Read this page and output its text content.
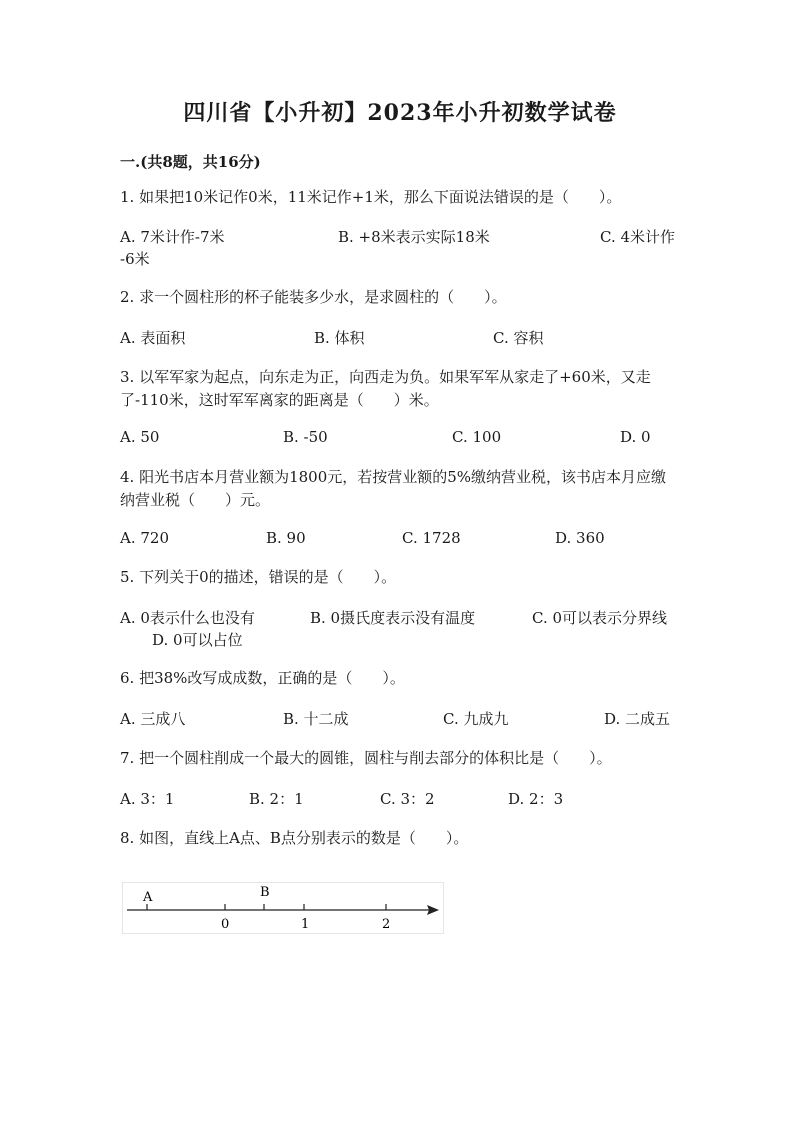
四川省【小升初】2023年小升初数学试卷
一.(共8题，共16分)
1. 如果把10米记作0米，11米记作+1米，那么下面说法错误的是（　　）。
A. 7米计作-7米	B. +8米表示实际18米	C. 4米计作
-6米
2. 求一个圆柱形的杯子能装多少水，是求圆柱的（　　）。
A. 表面积	B. 体积	C. 容积
3. 以军军家为起点，向东走为正，向西走为负。如果军军从家走了+60米，又走了-110米，这时军军离家的距离是（　　）米。
A. 50	B. -50	C. 100	D. 0
4. 阳光书店本月营业额为1800元，若按营业额的5%缴纳营业税，该书店本月应缴纳营业税（　　）元。
A. 720	B. 90	C. 1728	D. 360
5. 下列关于0的描述，错误的是（　　）。
A. 0表示什么也没有	B. 0摄氏度表示没有温度	C. 0可以表示分界线
D. 0可以占位
6. 把38%改写成成数，正确的是（　　）。
A. 三成八	B. 十二成	C. 九成九	D. 二成五
7. 把一个圆柱削成一个最大的圆锥，圆柱与削去部分的体积比是（　　）。
A. 3：1	B. 2：1	C. 3：2	D. 2：3
8. 如图，直线上A点、B点分别表示的数是（　　）。
A	B
0	1	2
